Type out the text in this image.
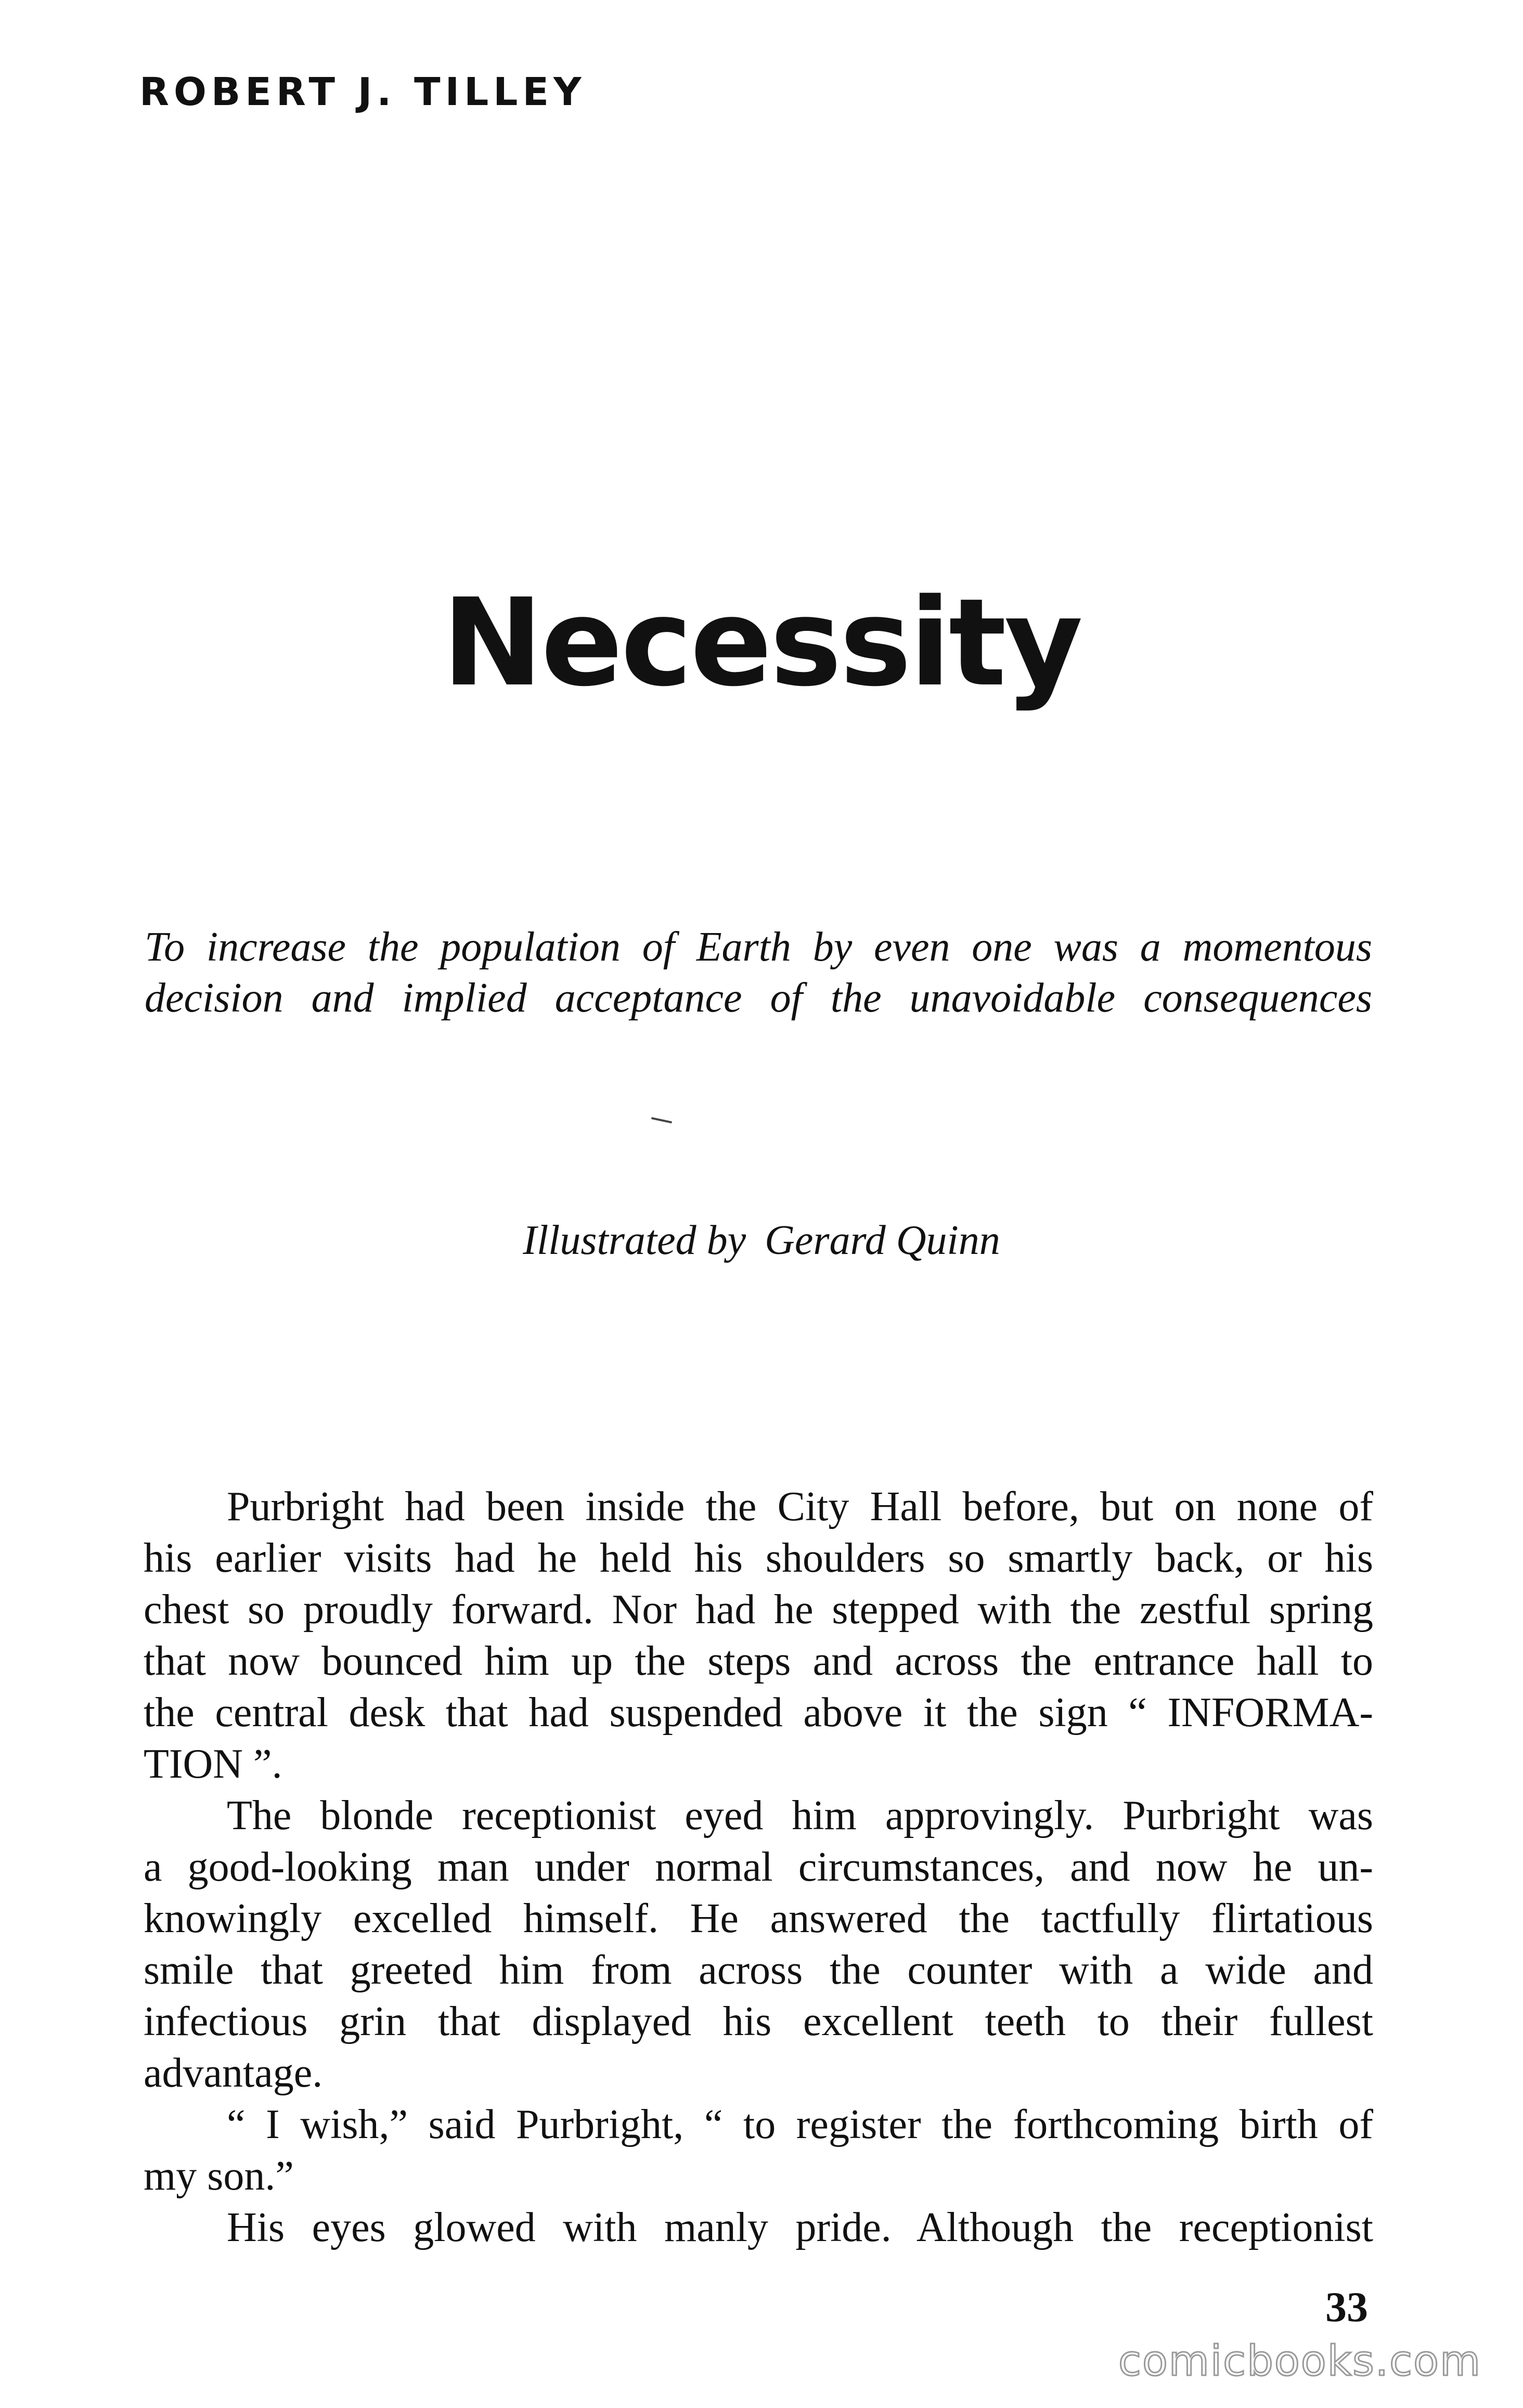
ROBERT J. TILLEY
Necessity
To increase the population of Earth by even one was a momentous
decision and implied acceptance of the unavoidable consequences
Illustrated by Gerard Quinn
Purbright had been inside the City Hall before, but on none of
his earlier visits had he held his shoulders so smartly back, or his
chest so proudly forward. Nor had he stepped with the zestful spring
that now bounced him up the steps and across the entrance hall to
the central desk that had suspended above it the sign “ INFORMA-
TION ”.
The blonde receptionist eyed him approvingly. Purbright was
a good-looking man under normal circumstances, and now he un-
knowingly excelled himself. He answered the tactfully flirtatious
smile that greeted him from across the counter with a wide and
infectious grin that displayed his excellent teeth to their fullest
advantage.
“ I wish,” said Purbright, “ to register the forthcoming birth of
my son.”
His eyes glowed with manly pride. Although the receptionist
33
comicbooks.com
